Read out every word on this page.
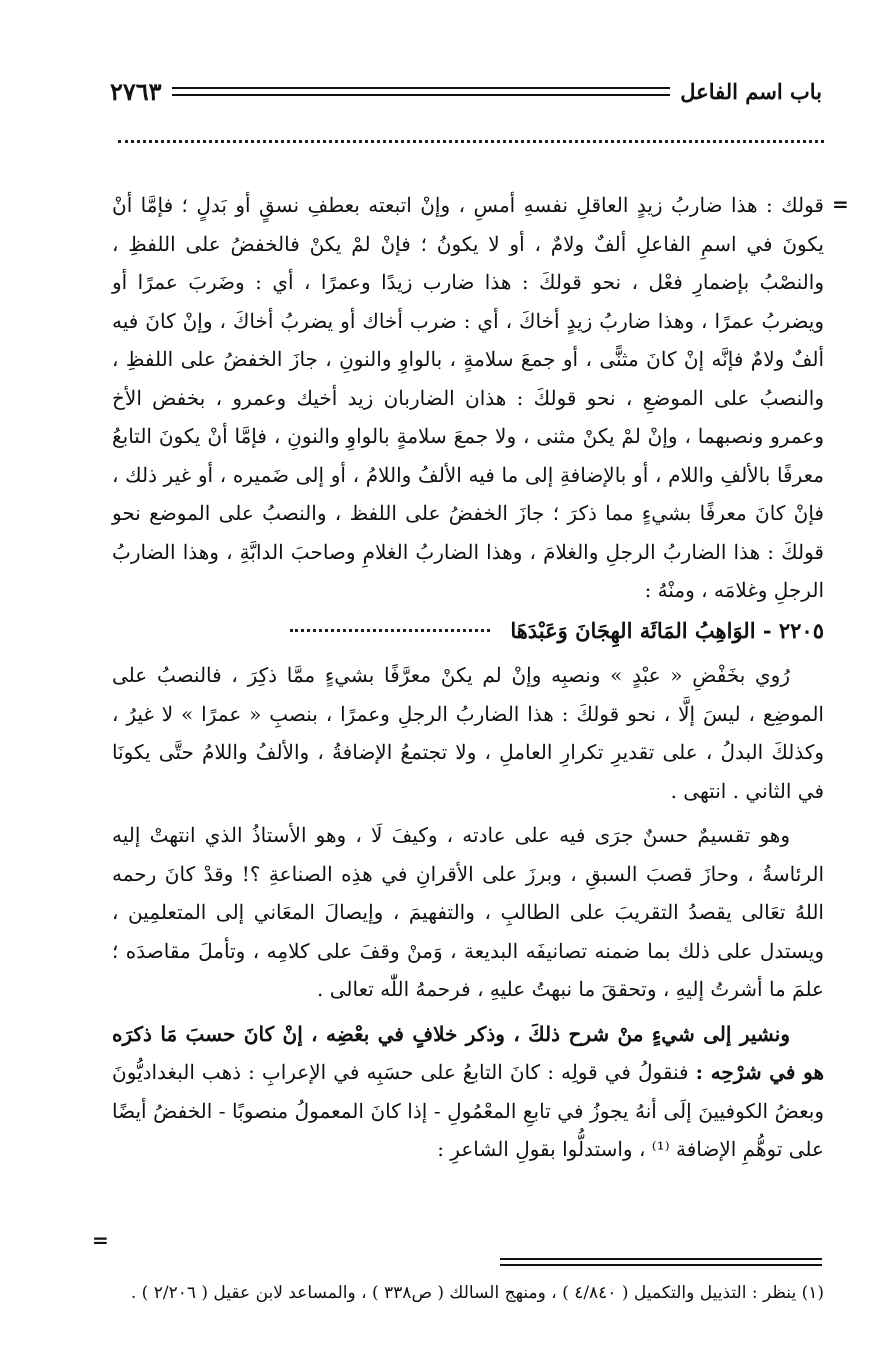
باب اسم الفاعل
٢٧٦٣
=

قولك : هذا ضاربُ زيدٍ العاقلِ نفسهِ أمسِ ، وإنْ اتبعته بعطفِ نسقٍ أو بَدلٍ ؛ فإمَّا أنْ يكونَ في اسمِ الفاعلِ ألفٌ ولامٌ ، أو لا يكونُ ؛ فإنْ لمْ يكنْ فالخفضُ على اللفظِ ، والنصْبُ بإضمارِ فعْل ، نحو قولكَ : هذا ضارب زيدًا وعمرًا ، أي : وضَربَ عمرًا أو ويضربُ عمرًا ، وهذا ضاربُ زيدٍ أخاكَ ، أي : ضرب أخاك أو يضربُ أخاكَ ، وإنْ كانَ فيه ألفٌ ولامٌ فإنَّه إنْ كانَ مثنًّى ، أو جمعَ سلامةٍ ، بالواوِ والنونِ ، جازَ الخفضُ على اللفظِ ، والنصبُ على الموضعِ ، نحو قولكَ : هذان الضاربان زيد أخيك وعمرو ، بخفض الأخ وعمرو ونصبهما ، وإنْ لمْ يكنْ مثنى ، ولا جمعَ سلامةٍ بالواوِ والنونِ ، فإمَّا أنْ يكونَ التابعُ معرفًا بالألفِ واللام ، أو بالإضافةِ إلى ما فيه الألفُ واللامُ ، أو إلى ضَميره ، أو غير ذلك ، فإنْ كانَ معرفًا بشيءٍ مما ذكرَ ؛ جازَ الخفضُ على اللفظ ، والنصبُ على الموضع نحو قولكَ : هذا الضاربُ الرجلِ والغلامَ ، وهذا الضاربُ الغلامِ وصاحبَ الدابَّةِ ، وهذا الضاربُ الرجلِ وغلامَه ، ومنْهُ :

٢٢٠٥ - الوَاهِبُ المَائَة الهِجَانَ وَعَبْدَهَا

رُوي بخَفْضِ « عبْدٍ » ونصبِه وإنْ لم يكنْ معرَّفًا بشيءٍ ممَّا ذكِرَ ، فالنصبُ على الموضِع ، ليسَ إلَّا ، نحو قولكَ : هذا الضاربُ الرجلِ وعمرًا ، بنصبِ « عمرًا » لا غيرُ ، وكذلكَ البدلُ ، على تقديرِ تكرارِ العاملِ ، ولا تجتمعُ الإضافةُ ، والألفُ واللامُ حتَّى يكونَا في الثاني . انتهى .

وهو تقسيمٌ حسنٌ جرَى فيه على عادته ، وكيفَ لَا ، وهو الأستاذُ الذي انتهتْ إليه الرئاسةُ ، وحازَ قصبَ السبقِ ، وبرزَ على الأقرانِ في هذِه الصناعةِ ؟! وقدْ كانَ رحمه اللهُ تعَالى يقصدُ التقريبَ على الطالبِ ، والتفهيمَ ، وإيصالَ المعَاني إلى المتعلمِين ، ويستدل على ذلك بما ضمنه تصانيفَه البديعة ، وَمنْ وقفَ على كلامِه ، وتأملَ مقاصدَه ؛ علمَ ما أشرتُ إليهِ ، وتحققَ ما نبهتُ عليهِ ، فرحمهُ اللّٰه تعالى .

ونشير إلى شيءٍ منْ شرح ذلكَ ، وذكر خلافٍ في بعْضِه ، إنْ كانَ حسبَ مَا ذكرَه هو في شرْحِه : فنقولُ في قولِه : كانَ التابعُ على حسَبِه في الإعرابِ : ذهب البغداديُّونَ وبعضُ الكوفيينَ إلَى أنهُ يجوزُ في تابعِ المعْمُولِ - إذا كانَ المعمولُ منصوبًا - الخفضُ أيضًا على توهُّمِ الإضافة ⁽¹⁾ ، واستدلُّوا بقولِ الشاعرِ :

=
(١) ينظر : التذييل والتكميل ( ٤/٨٤٠ ) ، ومنهج السالك ( ص٣٣٨ ) ، والمساعد لابن عقيل ( ٢/٢٠٦ ) .
